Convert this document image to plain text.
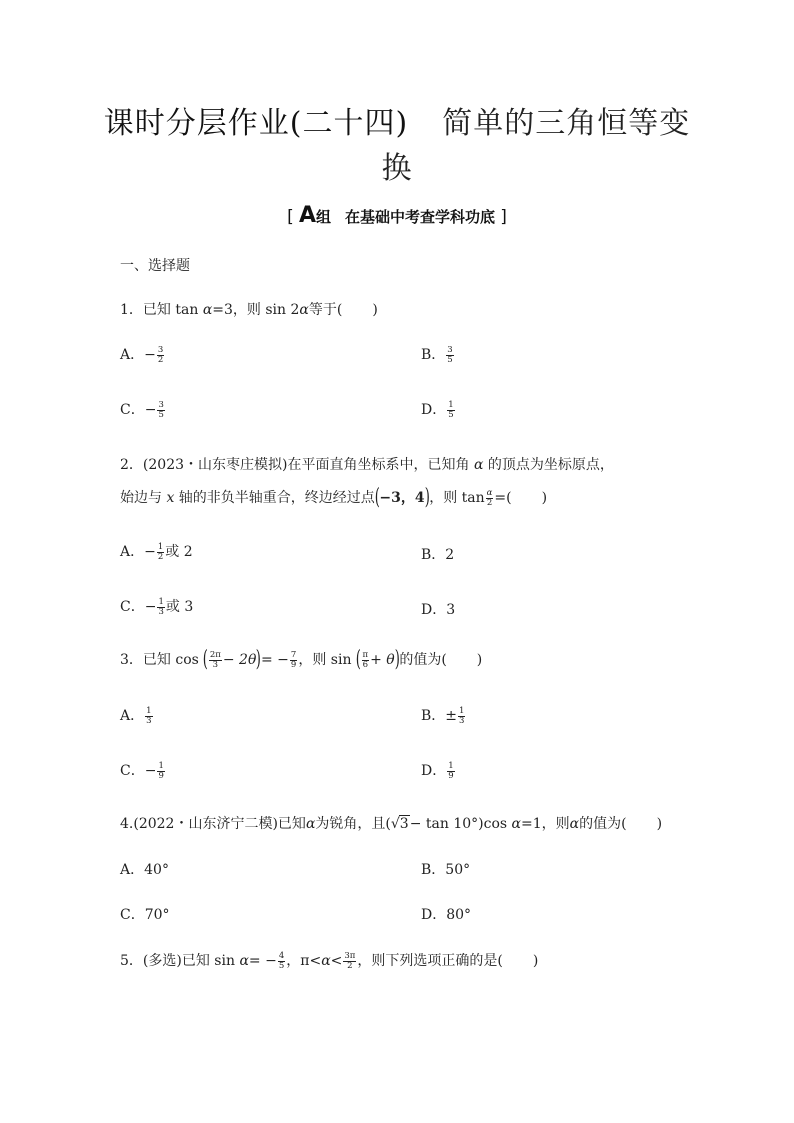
课时分层作业(二十四) 简单的三角恒等变
换
[ A组 在基础中考查学科功底 ]
一、选择题
1．已知 tan α=3，则 sin 2α等于( )
A．− $\frac{3}{2}$	B． $\frac{3}{5}$
C．− $\frac{3}{5}$	D． $\frac{1}{5}$
2．(2023・山东枣庄模拟)在平面直角坐标系中，已知角 α 的顶点为坐标原点，
始边与 x 轴的非负半轴重合，终边经过点(−3，4)，则 $\tan \frac{\alpha}{2}$ =( )
A．− $\frac{1}{2}$ 或 2	B．2
C．− $\frac{1}{3}$ 或 3	D．3
3．已知 cos ( $\frac{2\pi}{3} - 2\theta)= - \frac{7}{9}$ ，则 sin ( $\frac{\pi}{6} + \theta$)的值为( )
A． $\frac{1}{3}$	B．± $\frac{1}{3}$
C．− $\frac{1}{9}$	D． $\frac{1}{9}$
4.(2022・山东济宁二模)已知α为锐角，且(√3− tan 10°)cos α=1，则α的值为( )
A．40°	B．50°
C．70°	D．80°
5．(多选)已知 $\sin \alpha= - \frac{4}{5}$ ，$\pi<\alpha< \frac{3\pi}{2}$ ，则下列选项正确的是( )
